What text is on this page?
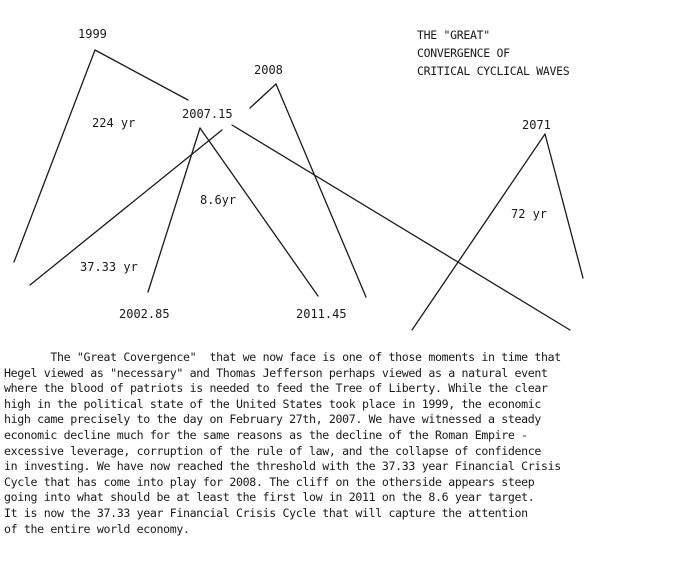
1999
2008
2007.15
2071
224 yr
8.6yr
72 yr
37.33 yr
2002.85	2011.45
THE "GREAT"
CONVERGENCE OF
CRITICAL CYCLICAL WAVES
The "Great Covergence"  that we now face is one of those moments in time that
Hegel viewed as "necessary" and Thomas Jefferson perhaps viewed as a natural event
where the blood of patriots is needed to feed the Tree of Liberty. While the clear
high in the political state of the United States took place in 1999, the economic
high came precisely to the day on February 27th, 2007. We have witnessed a steady
economic decline much for the same reasons as the decline of the Roman Empire -
excessive leverage, corruption of the rule of law, and the collapse of confidence
in investing. We have now reached the threshold with the 37.33 year Financial Crisis
Cycle that has come into play for 2008. The cliff on the otherside appears steep
going into what should be at least the first low in 2011 on the 8.6 year target.
It is now the 37.33 year Financial Crisis Cycle that will capture the attention
of the entire world economy.
